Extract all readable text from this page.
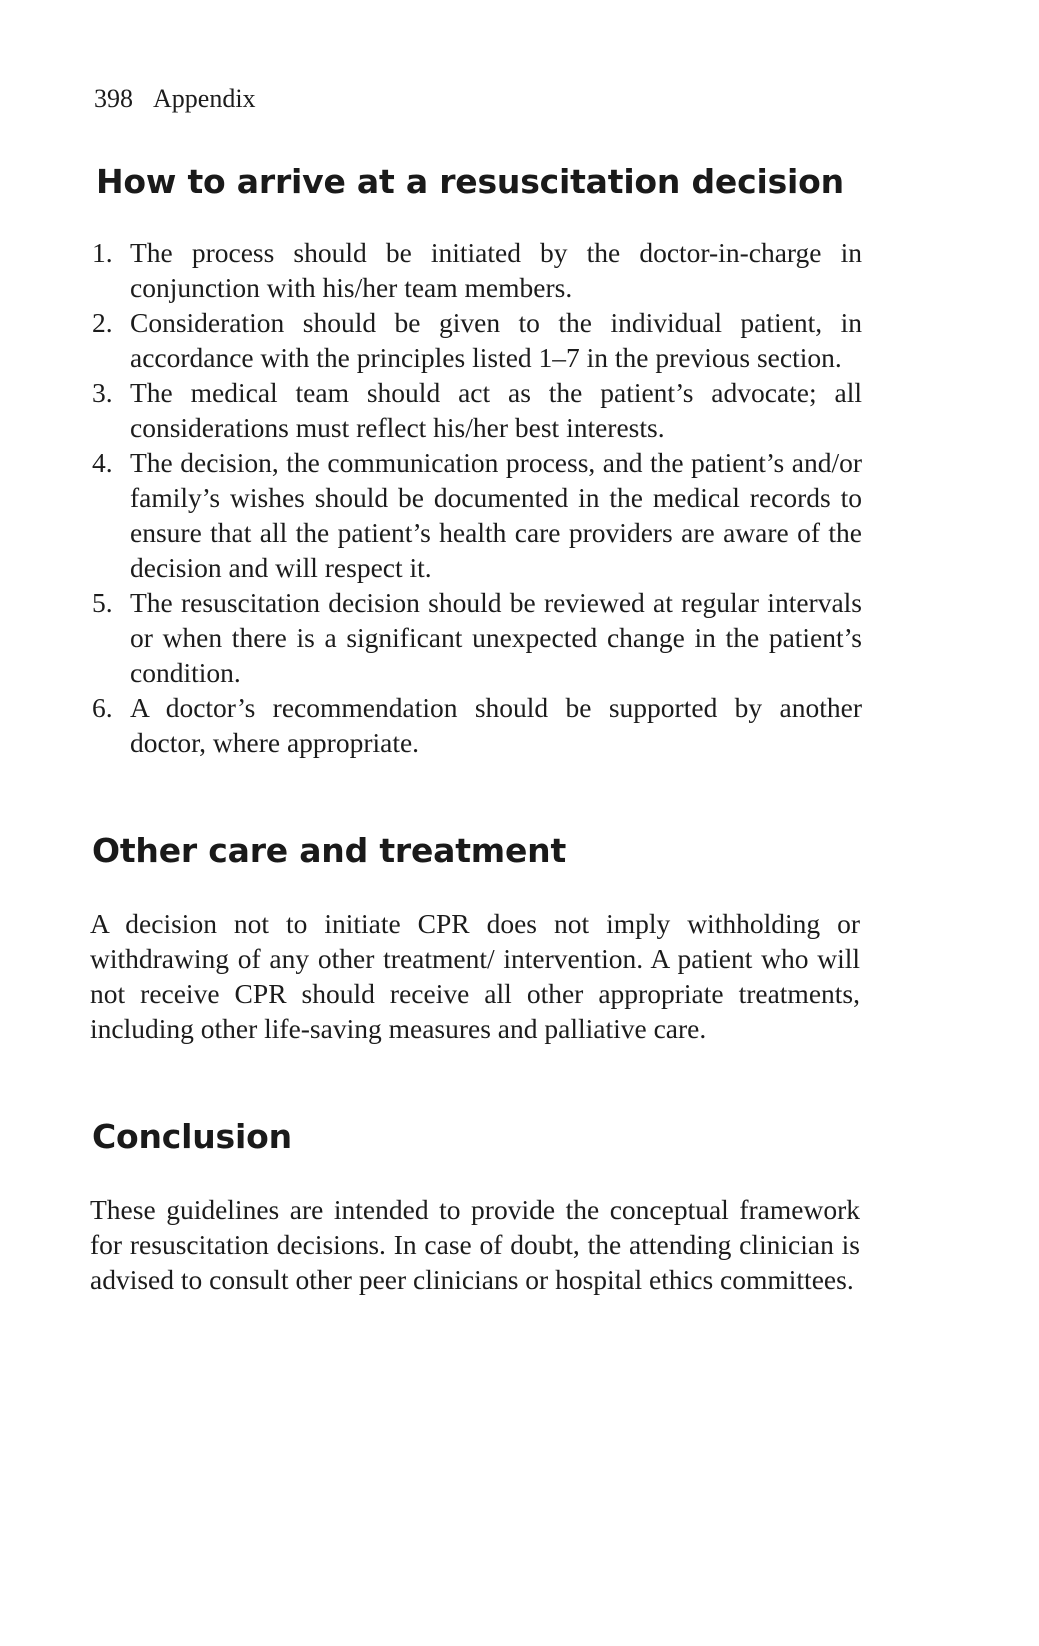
398 Appendix
How to arrive at a resuscitation decision
1. The process should be initiated by the doctor-in-charge in conjunction with his/her team members.
2. Consideration should be given to the individual patient, in accordance with the principles listed 1–7 in the previous section.
3. The medical team should act as the patient’s advocate; all considerations must reflect his/her best interests.
4. The decision, the communication process, and the patient’s and/or family’s wishes should be documented in the medical records to ensure that all the patient’s health care providers are aware of the decision and will respect it.
5. The resuscitation decision should be reviewed at regular intervals or when there is a significant unexpected change in the patient’s condition.
6. A doctor’s recommendation should be supported by another doctor, where appropriate.
Other care and treatment

A decision not to initiate CPR does not imply withholding or withdrawing of any other treatment/ intervention. A patient who will not receive CPR should receive all other appropriate treatments, including other life-saving measures and palliative care.

Conclusion

These guidelines are intended to provide the conceptual framework for resuscitation decisions. In case of doubt, the attending clinician is advised to consult other peer clinicians or hospital ethics committees.
